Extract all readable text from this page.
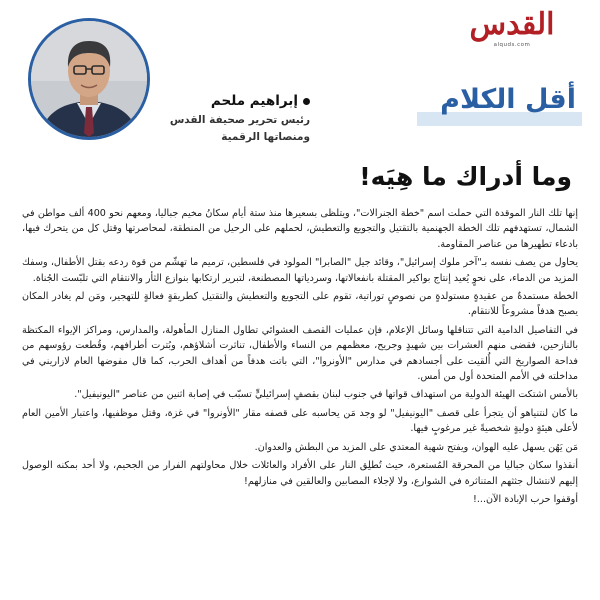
إبراهيم ملحم
رئيس تحرير صحيفة القدس
ومنصاتها الرقمية
القدس
alquds.com
أقل الكلام
وما أدراك ما هِيَه!

إنها تلك النار الموقدة التي حملت اسم "خطة الجنرالات"، ويتلظى بسعيرها منذ ستة أيام سكانُ مخيم جباليا، ومعهم نحو 400 ألف مواطن في الشمال، تستهدفهم تلك الخطة الجهنمية بالتقتيل والتجويع والتعطيش، لحملهم على الرحيل من المنطقة، لمحاصرتها وقتل كل من يتحرك فيها، بادعاء تطهيرها من عناصر المقاومة.

يحاول من يصف نفسه بـ"آخر ملوك إسرائيل"، وقائد جيل "الصابرا" المولود في فلسطين، ترميم ما تهشّم من قوة ردعه بقتل الأطفال، وسفك المزيد من الدماء، على نحوٍ يُعيد إنتاج بواكير المقتلة بانفعالاتها، وسردياتها المصطنعة، لتبرير ارتكابها بنوازع الثأر والانتقام التي تلبّست الجُناة.

الخطة مستمدةٌ من عقيدةٍ مستولدةٍ من نصوصٍ توراتية، تقوم على التجويع والتعطيش والتقتيل كطريقةٍ فعالةٍ للتهجير، ومَن لم يغادر المكان يصبح هدفاً مشروعاً للانتقام.

في التفاصيل الدامية التي تتناقلها وسائل الإعلام، فإن عمليات القصف العشوائي تطاول المنازل المأهولة، والمدارس، ومراكز الإيواء المكتظة بالنازحين، فقضى منهم العشرات بين شهيدٍ وجريح، معظمهم من النساء والأطفال، تناثرت أشلاؤهم، وبُترت أطرافهم، وقُطعت رؤوسهم من فداحة الصواريخ التي أُلقيت على أجسادهم في مدارس "الأونروا"، التي باتت هدفاً من أهداف الحرب، كما قال مفوضها العام لازاريني في مداخلته في الأمم المتحدة أول من أمس.

بالأمس اشتكت الهيئة الدولية من استهداف قواتها في جنوب لبنان بقصفٍ إسرائيليٍّ تسبّب في إصابة اثنين من عناصر "اليونيفيل".

ما كان لنتنياهو أن يتجرأ على قصف "اليونيفيل" لو وجد مَن يحاسبه على قصفه مقار "الأونروا" في غزة، وقتل موظفيها، واعتبار الأمين العام لأعلى هيئةٍ دوليةٍ شخصيةً غير مرغوبٍ فيها.

مَن يَهُن يسهل عليه الهوان، ويفتح شهية المعتدي على المزيد من البطش والعدوان.

أنقذوا سكان جباليا من المحرقة المُستعرة، حيث تُطلِق النار على الأفراد والعائلات خلال محاولتهم الفرار من الجحيم، ولا أحد بمكنه الوصول إليهم لانتشال جثثهم المتناثرة في الشوارع، ولا لإجلاء المصابين والعالقين في منازلهم!

أوقفوا حرب الإبادة الآن...!
